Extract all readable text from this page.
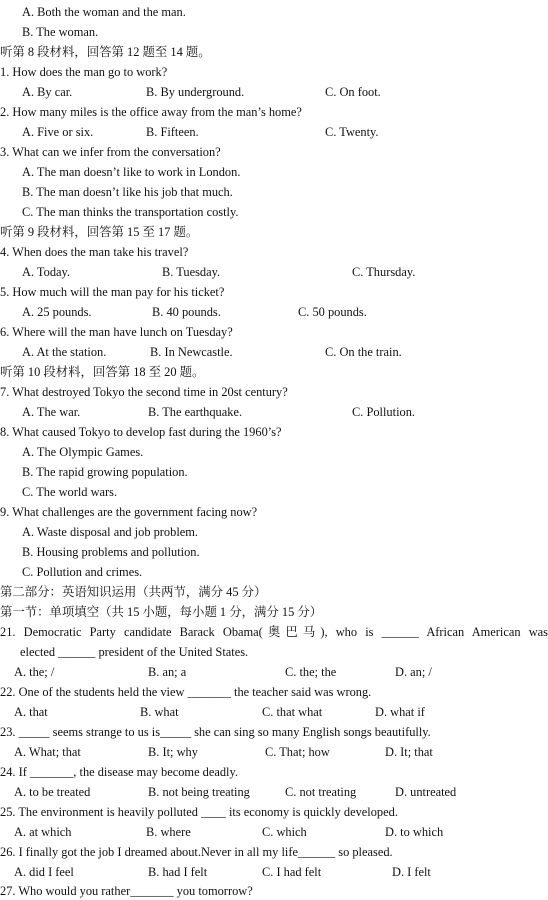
A. Both the woman and the man.
B. The woman.
听第 8 段材料，回答第 12 题至 14 题。
1. How does the man go to work?
A. By car.	B. By underground.	C. On foot.
2. How many miles is the office away from the man’s home?
A. Five or six.	B. Fifteen.	C. Twenty.
3. What can we infer from the conversation?
A. The man doesn’t like to work in London.
B. The man doesn’t like his job that much.
C. The man thinks the transportation costly.
听第 9 段材料，回答第 15 至 17 题。
4. When does the man take his travel?
A. Today.	B. Tuesday.	C. Thursday.
5. How much will the man pay for his ticket?
A. 25 pounds.	B. 40 pounds.	C. 50 pounds.
6. Where will the man have lunch on Tuesday?
A. At the station.	B. In Newcastle.	C. On the train.
听第 10 段材料，回答第 18 至 20 题。
7. What destroyed Tokyo the second time in 20st century?
A. The war.	B. The earthquake.	C. Pollution.
8. What caused Tokyo to develop fast during the 1960’s?
A. The Olympic Games.
B. The rapid growing population.
C. The world wars.
9. What challenges are the government facing now?
A. Waste disposal and job problem.
B. Housing problems and pollution.
C. Pollution and crimes.
第二部分：英语知识运用（共两节，满分 45 分）
第一节：单项填空（共 15 小题，每小题 1 分，满分 15 分）
21. Democratic Party candidate Barack Obama(奥巴马), who is ______ African American was
elected ______ president of the United States.
A. the; /	B. an; a	C. the; the	D. an; /
22. One of the students held the view _______ the teacher said was wrong.
A. that	B. what	C. that what	D. what if
23. _____ seems strange to us is_____ she can sing so many English songs beautifully.
A. What; that	B. It; why	C. That; how	D. It; that
24. If _______, the disease may become deadly.
A. to be treated	B. not being treating	C. not treating	D. untreated
25. The environment is heavily polluted ____ its economy is quickly developed.
A. at which	B. where	C. which	D. to which
26. I finally got the job I dreamed about.Never in all my life______ so pleased.
A. did I feel	B. had I felt	C. I had felt	D. I felt
27. Who would you rather_______ you tomorrow?
